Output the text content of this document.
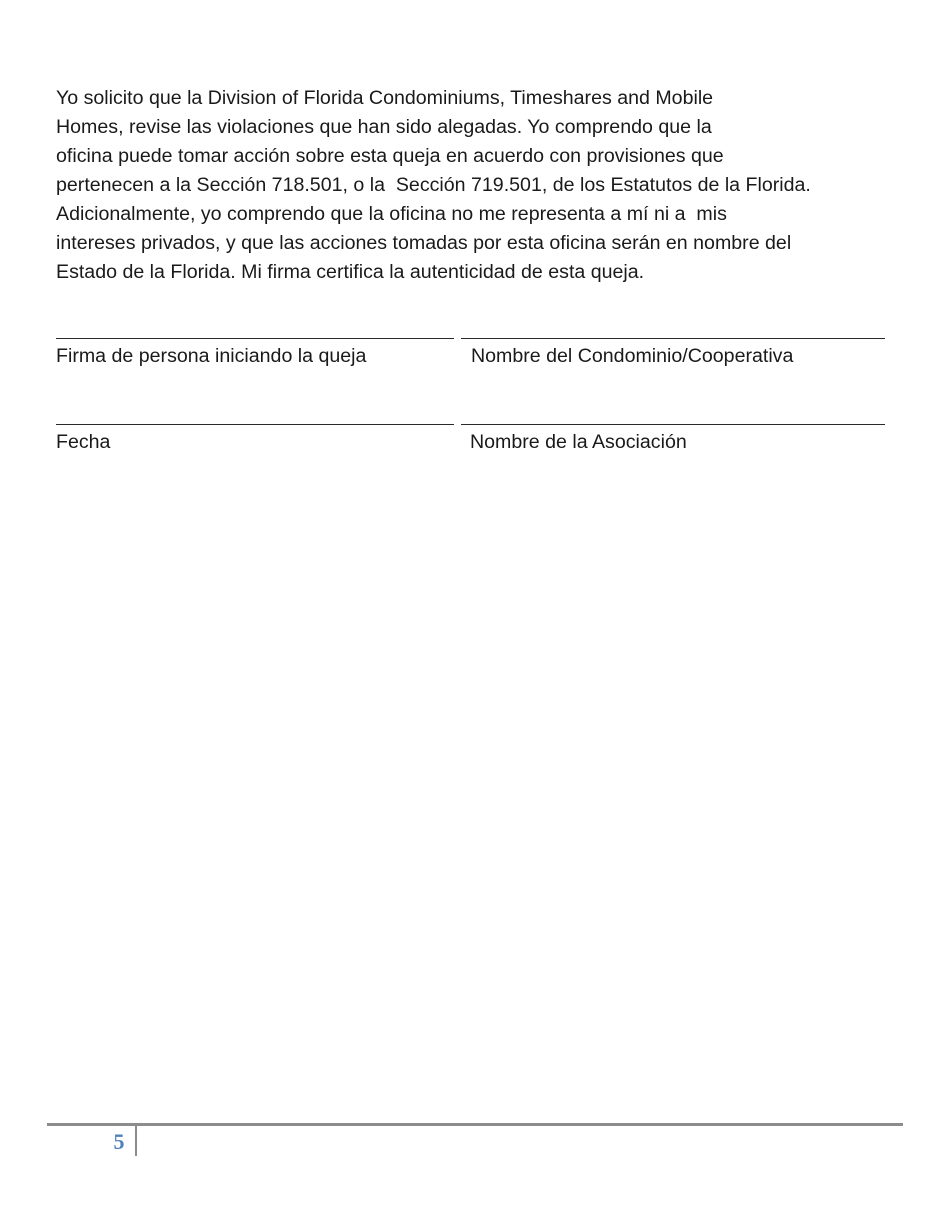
Yo solicito que la Division of Florida Condominiums, Timeshares and Mobile
Homes, revise las violaciones que han sido alegadas. Yo comprendo que la
oficina puede tomar acción sobre esta queja en acuerdo con provisiones que
pertenecen a la Sección 718.501, o la  Sección 719.501, de los Estatutos de la Florida.
Adicionalmente, yo comprendo que la oficina no me representa a mí ni a  mis
intereses privados, y que las acciones tomadas por esta oficina serán en nombre del
Estado de la Florida. Mi firma certifica la autenticidad de esta queja.

Firma de persona iniciando la queja	Nombre del Condominio/Cooperativa
Fecha	Nombre de la Asociación
5
